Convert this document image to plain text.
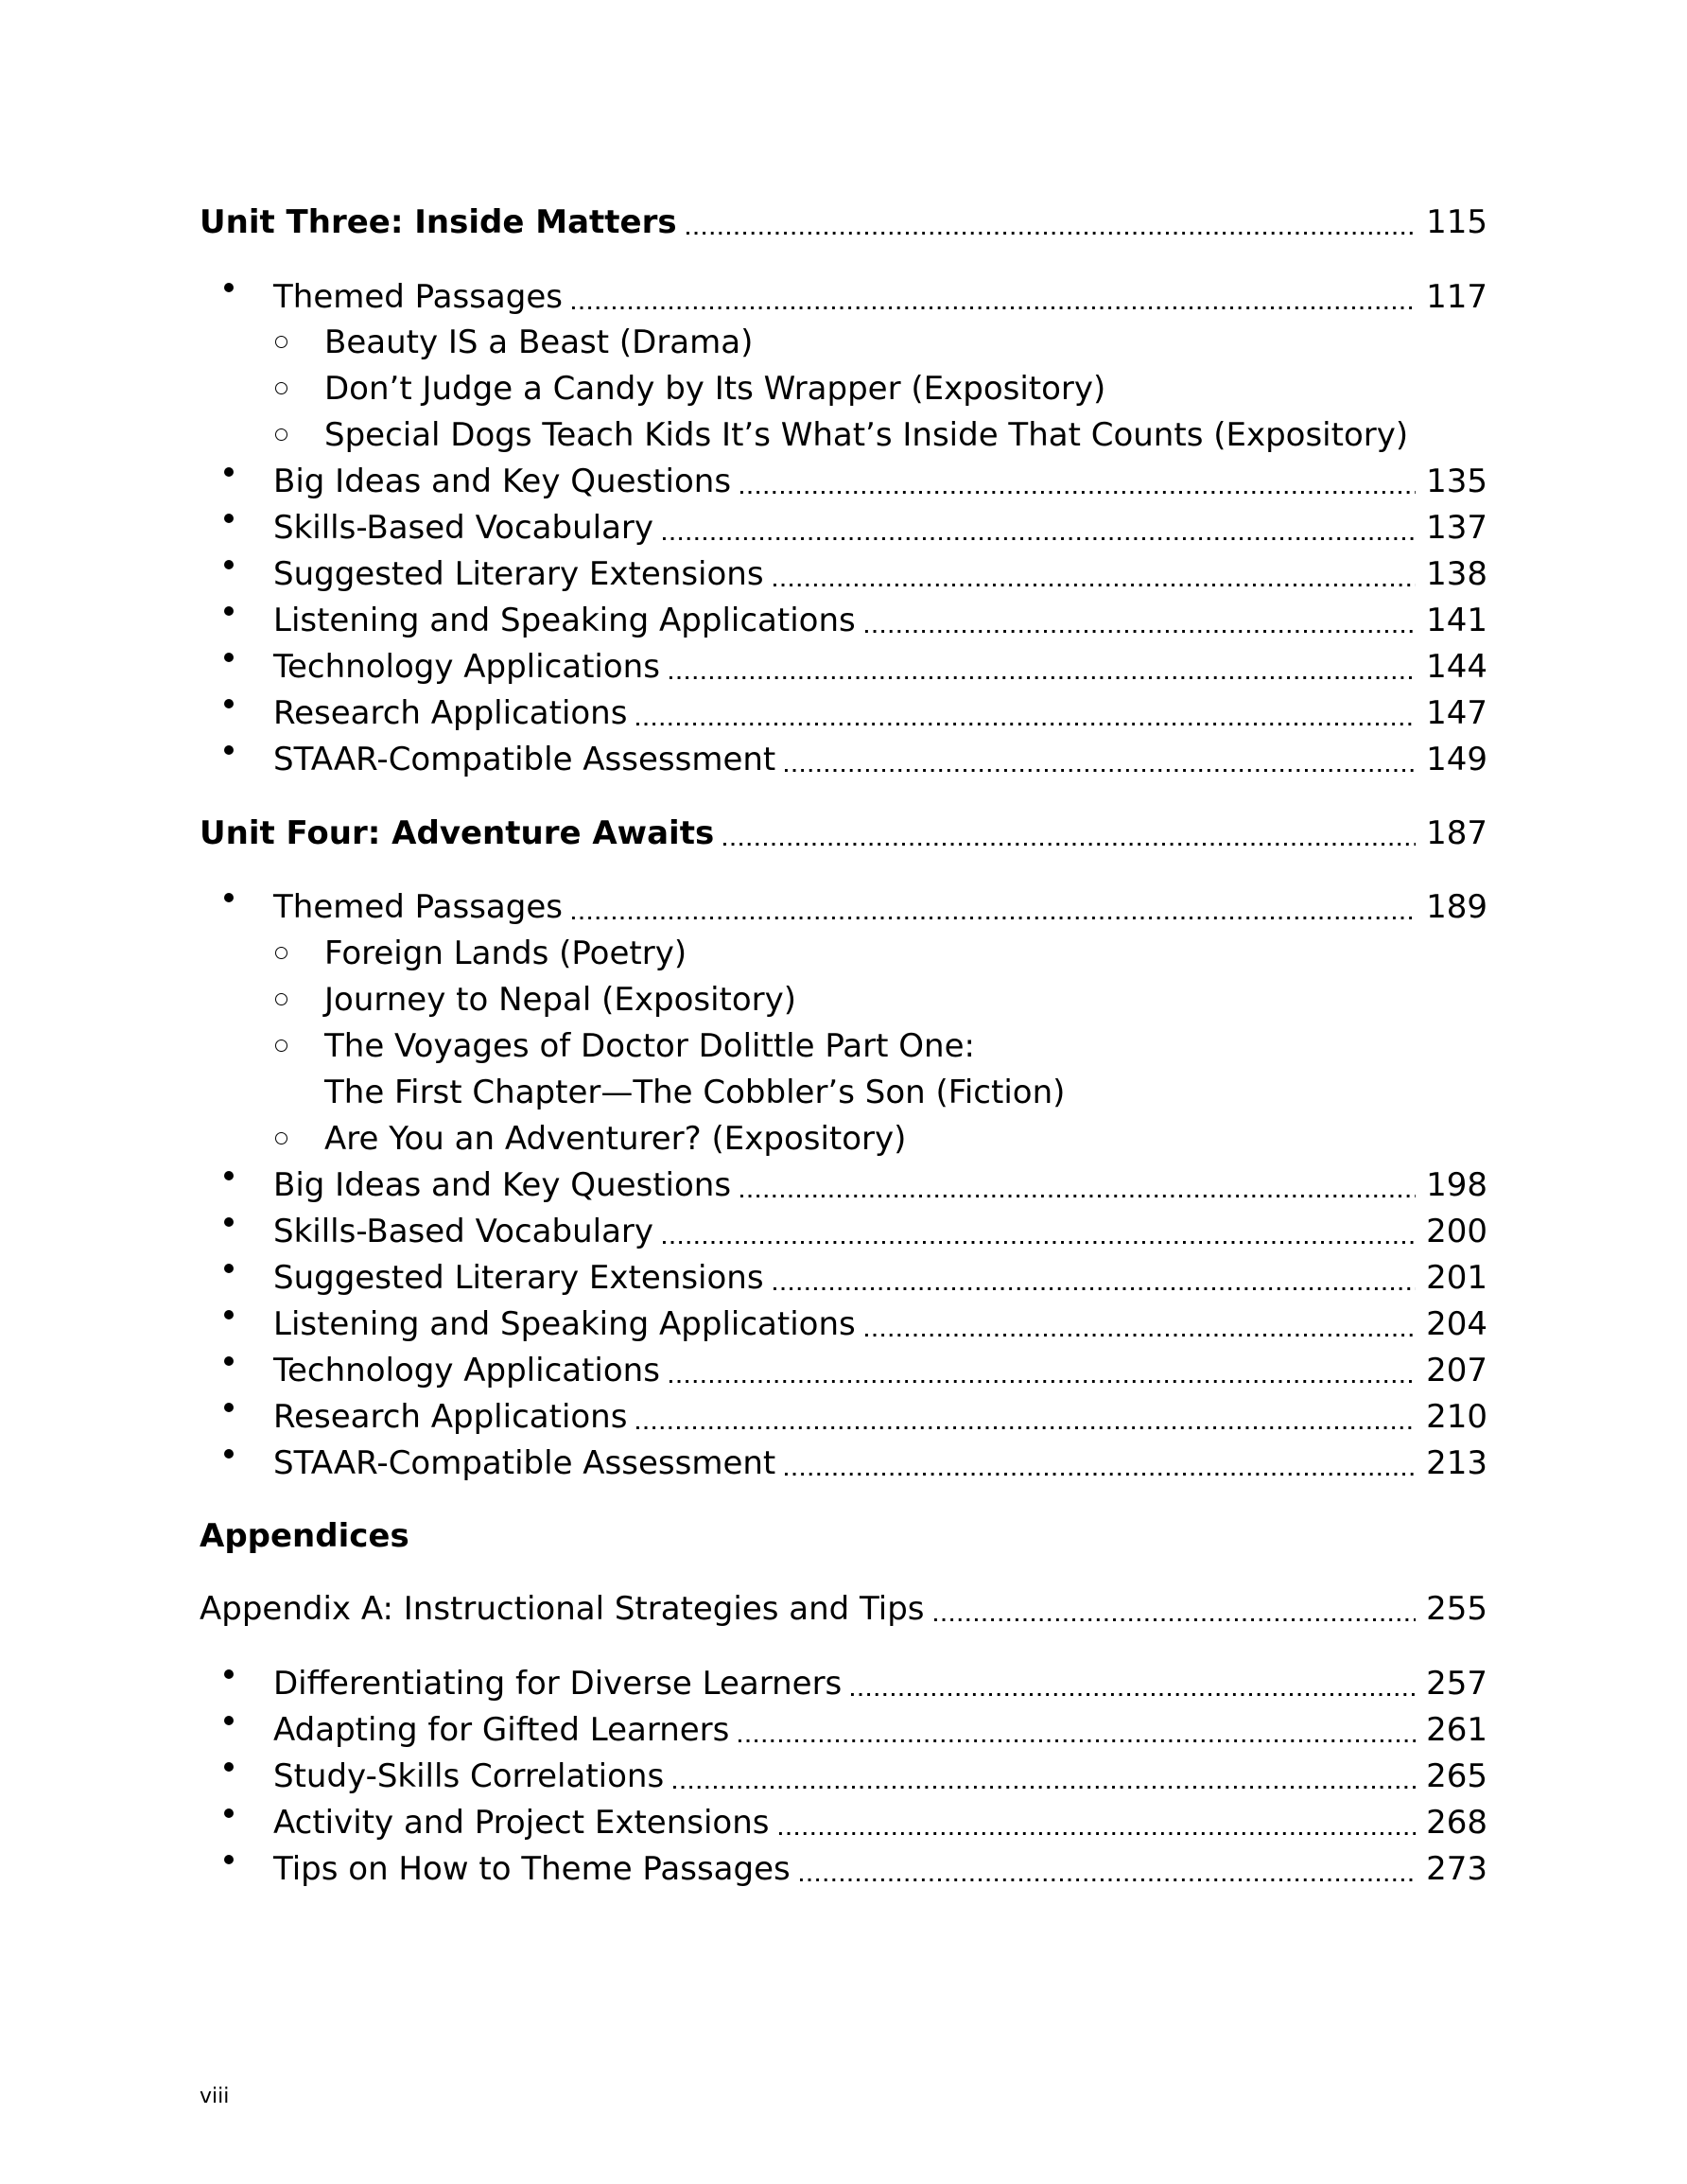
Unit Three: Inside Matters	115
Themed Passages	117
Beauty IS a Beast (Drama)
Don’t Judge a Candy by Its Wrapper (Expository)
Special Dogs Teach Kids It’s What’s Inside That Counts (Expository)
Big Ideas and Key Questions	135
Skills-Based Vocabulary	137
Suggested Literary Extensions	138
Listening and Speaking Applications	141
Technology Applications	144
Research Applications	147
STAAR-Compatible Assessment	149
Unit Four: Adventure Awaits	187
Themed Passages	189
Foreign Lands (Poetry)
Journey to Nepal (Expository)
The Voyages of Doctor Dolittle Part One:
The First Chapter—The Cobbler’s Son (Fiction)
Are You an Adventurer? (Expository)
Big Ideas and Key Questions	198
Skills-Based Vocabulary	200
Suggested Literary Extensions	201
Listening and Speaking Applications	204
Technology Applications	207
Research Applications	210
STAAR-Compatible Assessment	213
Appendices
Appendix A: Instructional Strategies and Tips	255
Differentiating for Diverse Learners	257
Adapting for Gifted Learners	261
Study-Skills Correlations	265
Activity and Project Extensions	268
Tips on How to Theme Passages	273
viii
